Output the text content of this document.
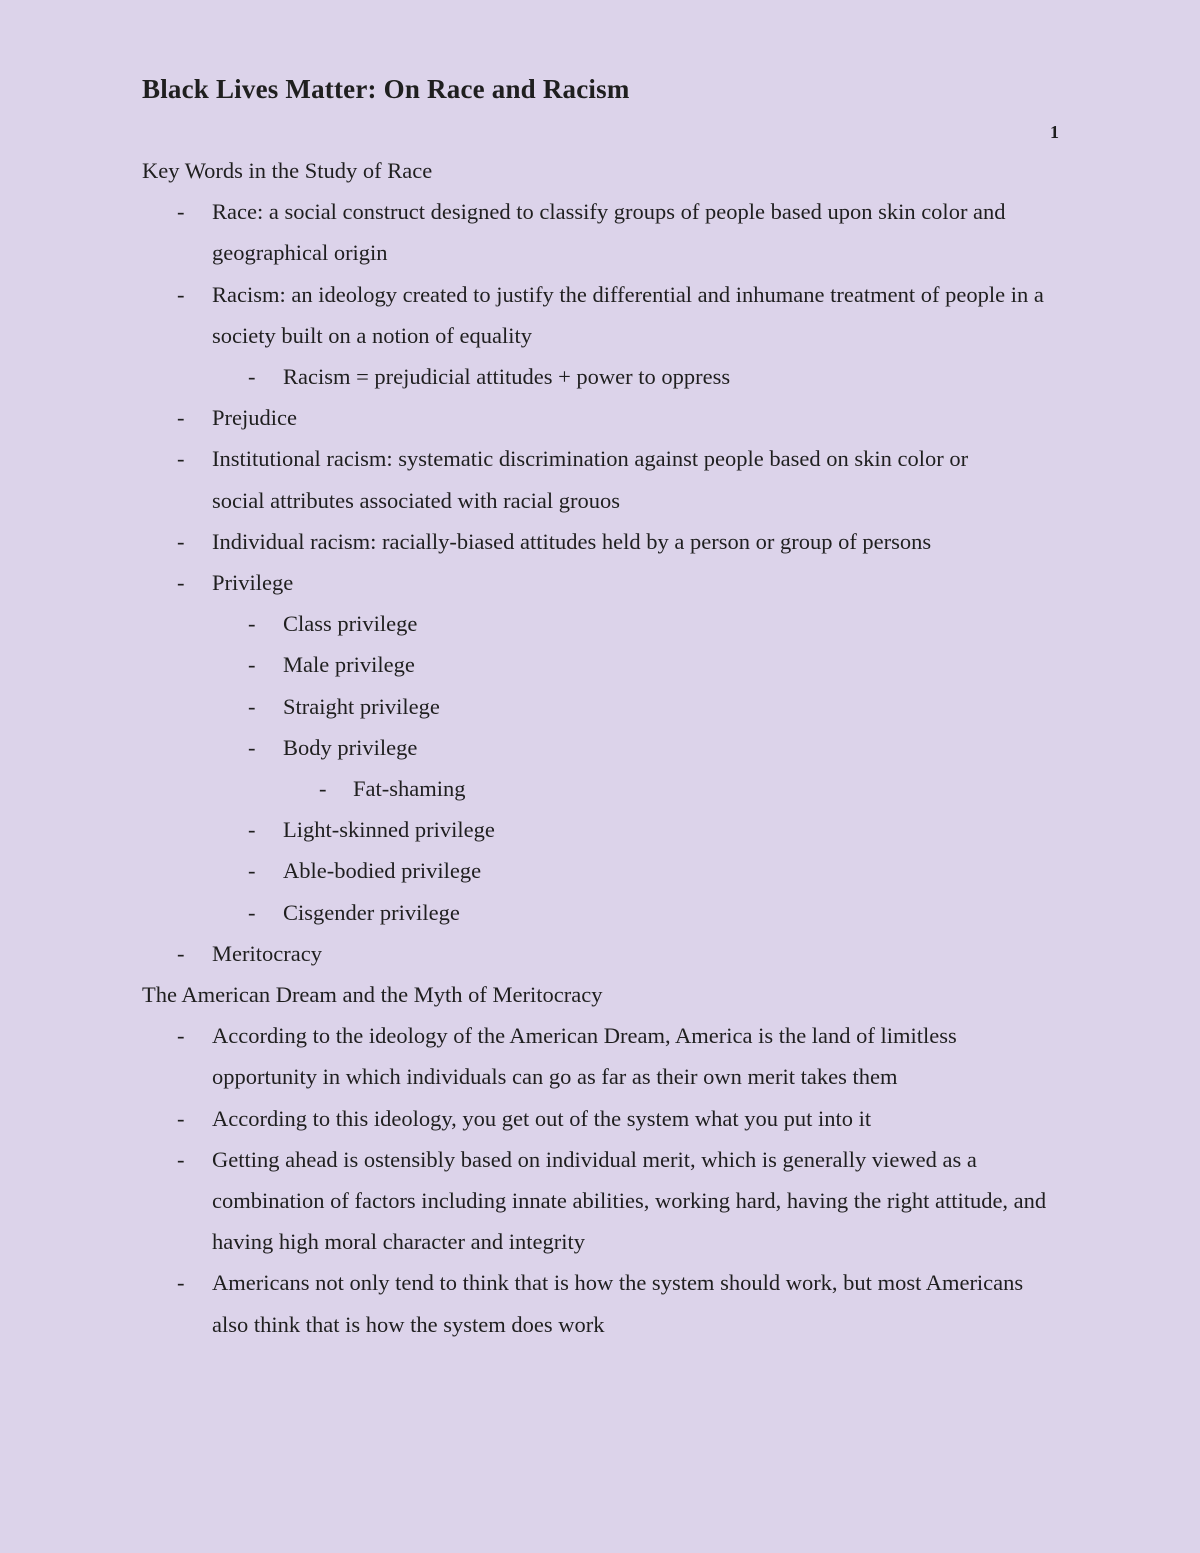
Black Lives Matter: On Race and Racism
1
Key Words in the Study of Race
- Race: a social construct designed to classify groups of people based upon skin color and geographical origin
- Racism: an ideology created to justify the differential and inhumane treatment of people in a society built on a notion of equality
- Racism = prejudicial attitudes + power to oppress
- Prejudice
- Institutional racism: systematic discrimination against people based on skin color or social attributes associated with racial grouos
- Individual racism: racially-biased attitudes held by a person or group of persons
- Privilege
- Class privilege
- Male privilege
- Straight privilege
- Body privilege
- Fat-shaming
- Light-skinned privilege
- Able-bodied privilege
- Cisgender privilege
- Meritocracy
The American Dream and the Myth of Meritocracy
- According to the ideology of the American Dream, America is the land of limitless opportunity in which individuals can go as far as their own merit takes them
- According to this ideology, you get out of the system what you put into it
- Getting ahead is ostensibly based on individual merit, which is generally viewed as a combination of factors including innate abilities, working hard, having the right attitude, and having high moral character and integrity
- Americans not only tend to think that is how the system should work, but most Americans also think that is how the system does work
